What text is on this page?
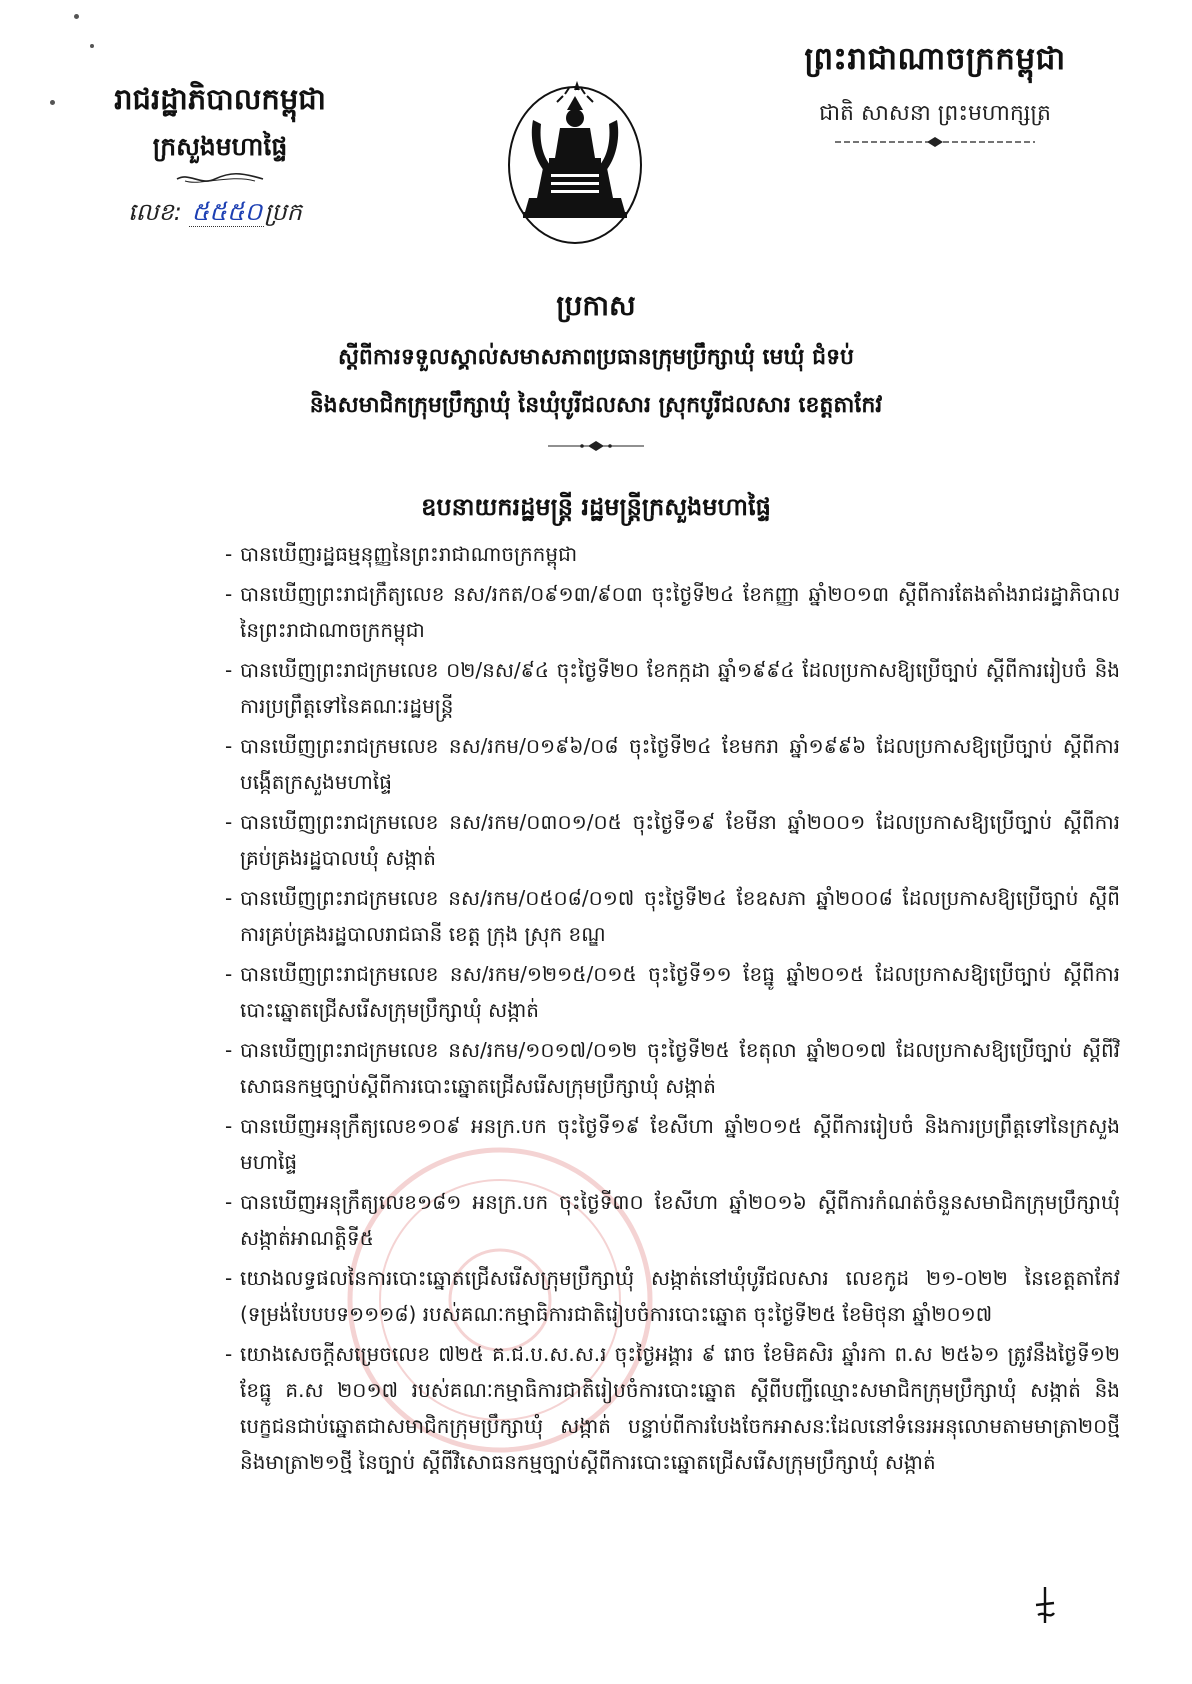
ព្រះរាជាណាចក្រកម្ពុជា
ជាតិ សាសនា ព្រះមហាក្សត្រ
រាជរដ្ឋាភិបាលកម្ពុជា
ក្រសួងមហាផ្ទៃ
លេខ: ៥៥៥០ប្រក
ប្រកាស
ស្តីពីការទទួលស្គាល់សមាសភាពប្រធានក្រុមប្រឹក្សាឃុំ មេឃុំ ជំទប់
និងសមាជិកក្រុមប្រឹក្សាឃុំ នៃឃុំបូរីជលសារ ស្រុកបូរីជលសារ ខេត្តតាកែវ
ឧបនាយករដ្ឋមន្ត្រី រដ្ឋមន្ត្រីក្រសួងមហាផ្ទៃ
- បានឃើញរដ្ឋធម្មនុញ្ញនៃព្រះរាជាណាចក្រកម្ពុជា
- បានឃើញព្រះរាជក្រឹត្យលេខ នស/រកត/០៩១៣/៩០៣ ចុះថ្ងៃទី២៤ ខែកញ្ញា ឆ្នាំ២០១៣ ស្តីពីការតែងតាំងរាជរដ្ឋាភិបាលនៃព្រះរាជាណាចក្រកម្ពុជា
- បានឃើញព្រះរាជក្រមលេខ ០២/នស/៩៤ ចុះថ្ងៃទី២០ ខែកក្កដា ឆ្នាំ១៩៩៤ ដែលប្រកាសឱ្យប្រើច្បាប់ ស្តីពីការរៀបចំ និងការប្រព្រឹត្តទៅនៃគណៈរដ្ឋមន្ត្រី
- បានឃើញព្រះរាជក្រមលេខ នស/រកម/០១៩៦/០៨ ចុះថ្ងៃទី២៤ ខែមករា ឆ្នាំ១៩៩៦ ដែលប្រកាសឱ្យប្រើច្បាប់ ស្តីពីការបង្កើតក្រសួងមហាផ្ទៃ
- បានឃើញព្រះរាជក្រមលេខ នស/រកម/០៣០១/០៥ ចុះថ្ងៃទី១៩ ខែមីនា ឆ្នាំ២០០១ ដែលប្រកាសឱ្យប្រើច្បាប់ ស្តីពីការគ្រប់គ្រងរដ្ឋបាលឃុំ សង្កាត់
- បានឃើញព្រះរាជក្រមលេខ នស/រកម/០៥០៨/០១៧ ចុះថ្ងៃទី២៤ ខែឧសភា ឆ្នាំ២០០៨ ដែលប្រកាសឱ្យប្រើច្បាប់ ស្តីពីការគ្រប់គ្រងរដ្ឋបាលរាជធានី ខេត្ត ក្រុង ស្រុក ខណ្ឌ
- បានឃើញព្រះរាជក្រមលេខ នស/រកម/១២១៥/០១៥ ចុះថ្ងៃទី១១ ខែធ្នូ ឆ្នាំ២០១៥ ដែលប្រកាសឱ្យប្រើច្បាប់ ស្តីពីការបោះឆ្នោតជ្រើសរើសក្រុមប្រឹក្សាឃុំ សង្កាត់
- បានឃើញព្រះរាជក្រមលេខ នស/រកម/១០១៧/០១២ ចុះថ្ងៃទី២៥ ខែតុលា ឆ្នាំ២០១៧ ដែលប្រកាសឱ្យប្រើច្បាប់ ស្តីពីវិសោធនកម្មច្បាប់ស្តីពីការបោះឆ្នោតជ្រើសរើសក្រុមប្រឹក្សាឃុំ សង្កាត់
- បានឃើញអនុក្រឹត្យលេខ១០៩ អនក្រ.បក ចុះថ្ងៃទី១៩ ខែសីហា ឆ្នាំ២០១៥ ស្តីពីការរៀបចំ និងការប្រព្រឹត្តទៅនៃក្រសួងមហាផ្ទៃ
- បានឃើញអនុក្រឹត្យលេខ១៨១ អនក្រ.បក ចុះថ្ងៃទី៣០ ខែសីហា ឆ្នាំ២០១៦ ស្តីពីការកំណត់ចំនួនសមាជិកក្រុមប្រឹក្សាឃុំ សង្កាត់អាណត្តិទី៥
- យោងលទ្ធផលនៃការបោះឆ្នោតជ្រើសរើសក្រុមប្រឹក្សាឃុំ សង្កាត់នៅឃុំបូរីជលសារ លេខកូដ ២១-០២២ នៃខេត្តតាកែវ (ទម្រង់បែបបទ១១១៨) របស់គណៈកម្មាធិការជាតិរៀបចំការបោះឆ្នោត ចុះថ្ងៃទី២៥ ខែមិថុនា ឆ្នាំ២០១៧
- យោងសេចក្តីសម្រេចលេខ ៧២៥ គ.ជ.ប.ស.ស.រ ចុះថ្ងៃអង្គារ ៩ រោច ខែមិគសិរ ឆ្នាំរកា ព.ស ២៥៦១ ត្រូវនឹងថ្ងៃទី១២ ខែធ្នូ គ.ស ២០១៧ របស់គណៈកម្មាធិការជាតិរៀបចំការបោះឆ្នោត ស្តីពីបញ្ជីឈ្មោះសមាជិកក្រុមប្រឹក្សាឃុំ សង្កាត់ និងបេក្ខជនជាប់ឆ្នោតជាសមាជិកក្រុមប្រឹក្សាឃុំ សង្កាត់ បន្ទាប់ពីការបែងចែកអាសនៈដែលនៅទំនេរអនុលោមតាមមាត្រា២០ថ្មី និងមាត្រា២១ថ្មី នៃច្បាប់ ស្តីពីវិសោធនកម្មច្បាប់ស្តីពីការបោះឆ្នោតជ្រើសរើសក្រុមប្រឹក្សាឃុំ សង្កាត់
